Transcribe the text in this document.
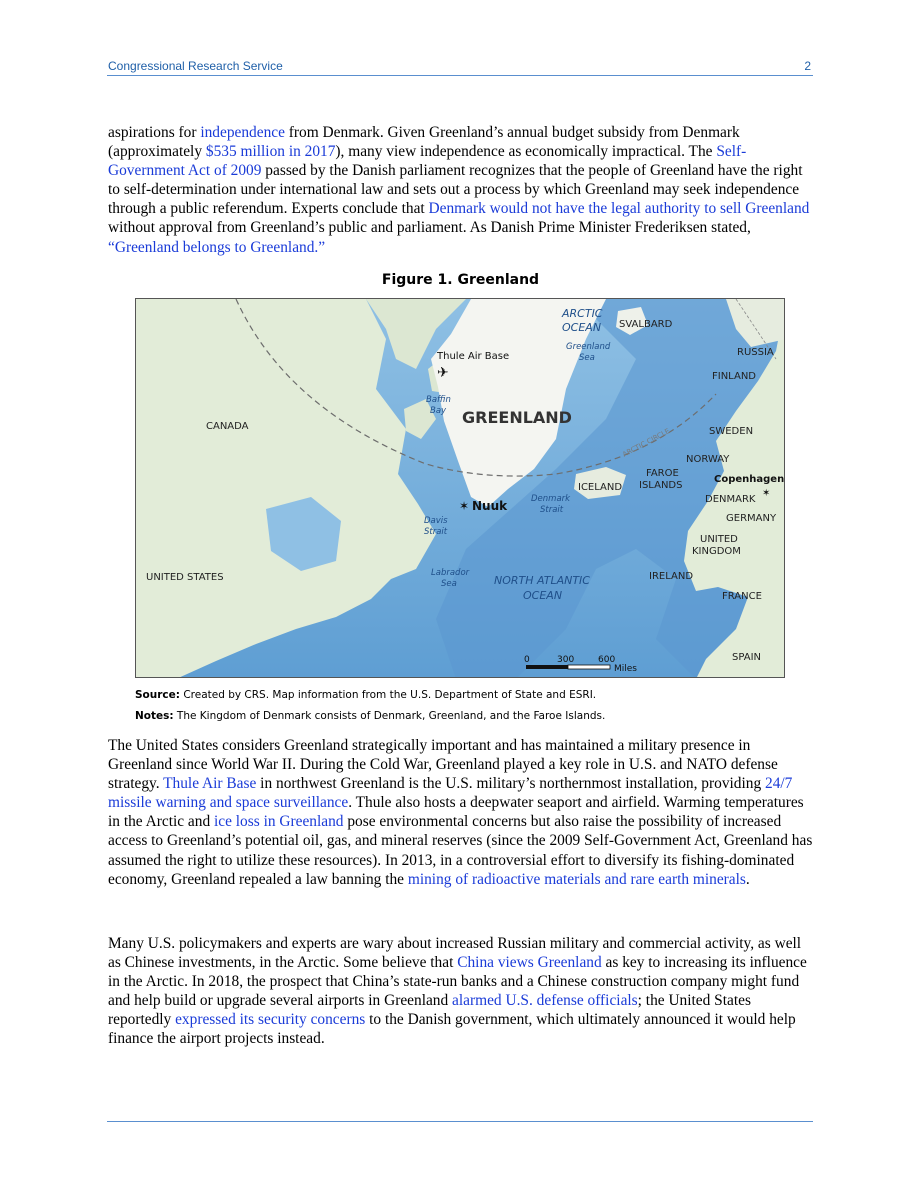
Congressional Research Service	2

aspirations for independence from Denmark. Given Greenland’s annual budget subsidy from Denmark (approximately $535 million in 2017), many view independence as economically impractical. The Self-Government Act of 2009 passed by the Danish parliament recognizes that the people of Greenland have the right to self-determination under international law and sets out a process by which Greenland may seek independence through a public referendum. Experts conclude that Denmark would not have the legal authority to sell Greenland without approval from Greenland’s public and parliament. As Danish Prime Minister Frederiksen stated, “Greenland belongs to Greenland.”

Figure 1. Greenland
ARCTIC
OCEAN SVALBARD
Greenland
Sea	RUSSIA
Thule Air Base
✈	FINLAND
Baffin
Bay GREENLAND
CANADA	SWEDEN
ARCTIC CIRCLE
NORWAY
FAROE
ISLANDS
Copenhagen
✶
ICELAND
DENMARK
✶ Nuuk	Denmark
Strait
GERMANY
Davis
Strait
UNITED
KINGDOM
UNITED STATES	Labrador
Sea	NORTH ATLANTIC
OCEAN
IRELAND
FRANCE
SPAIN
0	300	600
Miles
Source: Created by CRS. Map information from the U.S. Department of State and ESRI.
Notes: The Kingdom of Denmark consists of Denmark, Greenland, and the Faroe Islands.

The United States considers Greenland strategically important and has maintained a military presence in Greenland since World War II. During the Cold War, Greenland played a key role in U.S. and NATO defense strategy. Thule Air Base in northwest Greenland is the U.S. military’s northernmost installation, providing 24/7 missile warning and space surveillance. Thule also hosts a deepwater seaport and airfield. Warming temperatures in the Arctic and ice loss in Greenland pose environmental concerns but also raise the possibility of increased access to Greenland’s potential oil, gas, and mineral reserves (since the 2009 Self-Government Act, Greenland has assumed the right to utilize these resources). In 2013, in a controversial effort to diversify its fishing-dominated economy, Greenland repealed a law banning the mining of radioactive materials and rare earth minerals.

Many U.S. policymakers and experts are wary about increased Russian military and commercial activity, as well as Chinese investments, in the Arctic. Some believe that China views Greenland as key to increasing its influence in the Arctic. In 2018, the prospect that China’s state-run banks and a Chinese construction company might fund and help build or upgrade several airports in Greenland alarmed U.S. defense officials; the United States reportedly expressed its security concerns to the Danish government, which ultimately announced it would help finance the airport projects instead.
